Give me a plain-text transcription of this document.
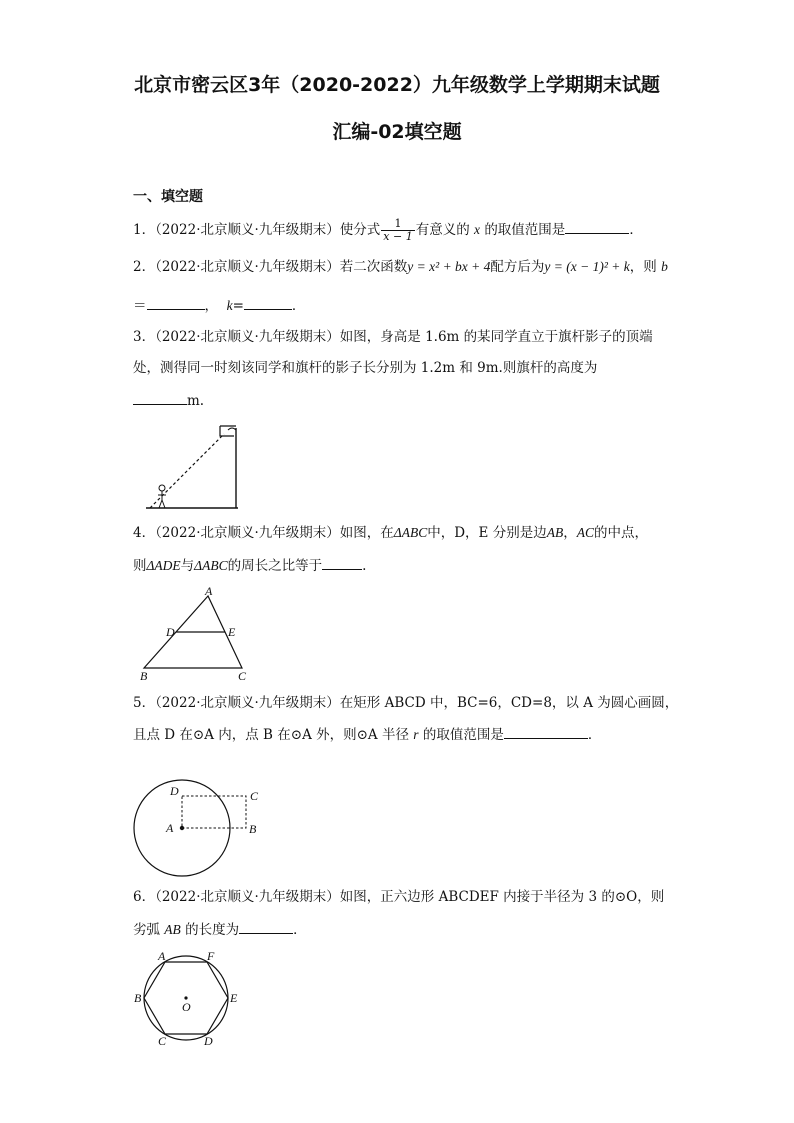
北京市密云区3年（2020-2022）九年级数学上学期期末试题
汇编-02填空题
一、填空题
1．（2022·北京顺义·九年级期末）使分式 $\frac{1}{x - 1}$ 有意义的 x 的取值范围是	．
2．（2022·北京顺义·九年级期末）若二次函数y = x² + bx + 4配方后为y = (x − 1)² + k，则 b
＝	， k=	．
3．（2022·北京顺义·九年级期末）如图，身高是 1.6m 的某同学直立于旗杆影子的顶端
处，测得同一时刻该同学和旗杆的影子长分别为 1.2m 和 9m.则旗杆的高度为
m.
4．（2022·北京顺义·九年级期末）如图，在ΔABC中，D，E 分别是边AB，AC的中点，
则ΔADE与ΔABC的周长之比等于	.
A
B	C
D	E
5．（2022·北京顺义·九年级期末）在矩形 ABCD 中，BC=6，CD=8，以 A 为圆心画圆，
且点 D 在⊙A 内，点 B 在⊙A 外，则⊙A 半径 r 的取值范围是	．
A	B
C
D
6．（2022·北京顺义·九年级期末）如图，正六边形 ABCDEF 内接于半径为 3 的⊙O，则
劣弧 AB 的长度为	．
A	F
B	E
C	D
O
